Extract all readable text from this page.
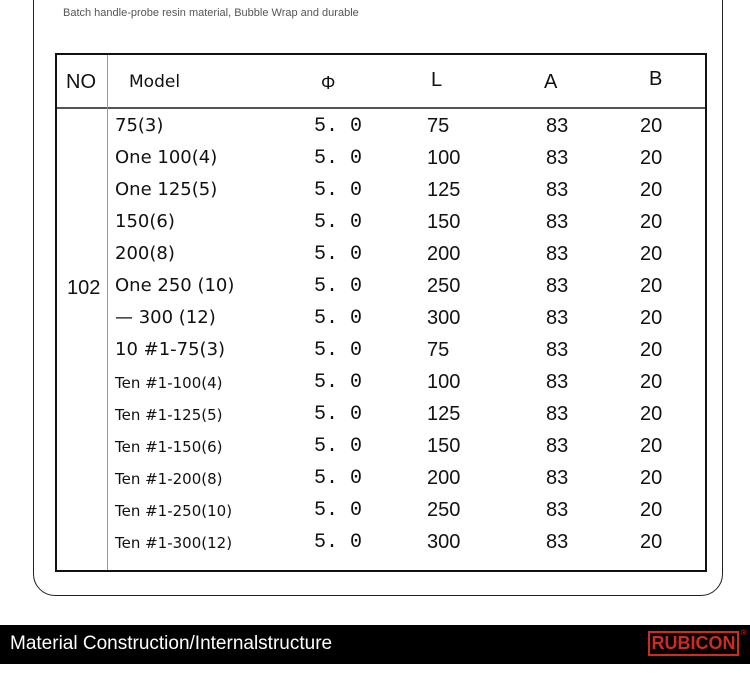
Batch handle-probe resin material, Bubble Wrap and durable
NO Model	Φ	L	A	B
102
75(3)	5. 0	75	83	20
One 100(4)	5. 0	100	83	20
One 125(5)	5. 0	125	83	20
150(6)	5. 0	150	83	20
200(8)	5. 0	200	83	20
One 250 (10)	5. 0	250	83	20
— 300 (12)	5. 0	300	83	20
10 #1-75(3)	5. 0	75	83	20
Ten #1-100(4)	5. 0	100	83	20
Ten #1-125(5)	5. 0	125	83	20
Ten #1-150(6)	5. 0	150	83	20
Ten #1-200(8)	5. 0	200	83	20
Ten #1-250(10)	5. 0	250	83	20
Ten #1-300(12)	5. 0	300	83	20
Material Construction/Internalstructure	RUBICON
®
